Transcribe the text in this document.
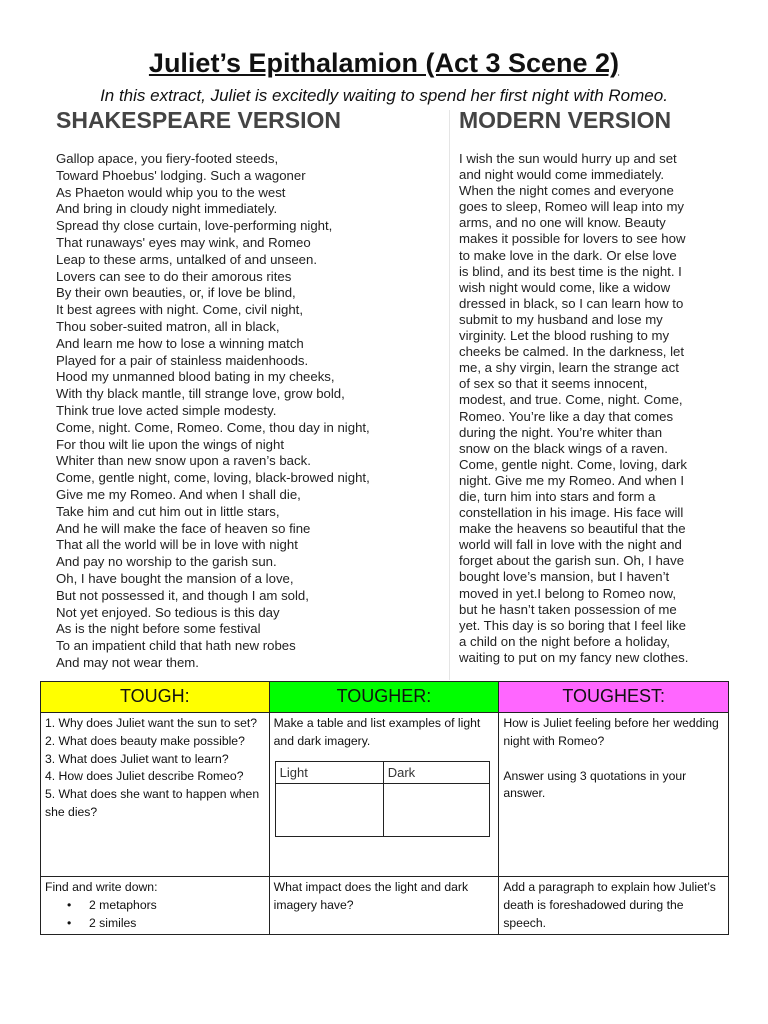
Juliet’s Epithalamion (Act 3 Scene 2)
In this extract, Juliet is excitedly waiting to spend her first night with Romeo.
SHAKESPEARE VERSION	MODERN VERSION
Gallop apace, you fiery-footed steeds,
Toward Phoebus' lodging. Such a wagoner
As Phaeton would whip you to the west
And bring in cloudy night immediately.
Spread thy close curtain, love-performing night,
That runaways' eyes may wink, and Romeo
Leap to these arms, untalked of and unseen.
Lovers can see to do their amorous rites
By their own beauties, or, if love be blind,
It best agrees with night. Come, civil night,
Thou sober-suited matron, all in black,
And learn me how to lose a winning match
Played for a pair of stainless maidenhoods.
Hood my unmanned blood bating in my cheeks,
With thy black mantle, till strange love, grow bold,
Think true love acted simple modesty.
Come, night. Come, Romeo. Come, thou day in night,
For thou wilt lie upon the wings of night
Whiter than new snow upon a raven’s back.
Come, gentle night, come, loving, black-browed night,
Give me my Romeo. And when I shall die,
Take him and cut him out in little stars,
And he will make the face of heaven so fine
That all the world will be in love with night
And pay no worship to the garish sun.
Oh, I have bought the mansion of a love,
But not possessed it, and though I am sold,
Not yet enjoyed. So tedious is this day
As is the night before some festival
To an impatient child that hath new robes
And may not wear them.
I wish the sun would hurry up and set
and night would come immediately.
When the night comes and everyone
goes to sleep, Romeo will leap into my
arms, and no one will know. Beauty
makes it possible for lovers to see how
to make love in the dark. Or else love
is blind, and its best time is the night. I
wish night would come, like a widow
dressed in black, so I can learn how to
submit to my husband and lose my
virginity. Let the blood rushing to my
cheeks be calmed. In the darkness, let
me, a shy virgin, learn the strange act
of sex so that it seems innocent,
modest, and true. Come, night. Come,
Romeo. You’re like a day that comes
during the night. You’re whiter than
snow on the black wings of a raven.
Come, gentle night. Come, loving, dark
night. Give me my Romeo. And when I
die, turn him into stars and form a
constellation in his image. His face will
make the heavens so beautiful that the
world will fall in love with the night and
forget about the garish sun. Oh, I have
bought love’s mansion, but I haven’t
moved in yet.I belong to Romeo now,
but he hasn’t taken possession of me
yet. This day is so boring that I feel like
a child on the night before a holiday,
waiting to put on my fancy new clothes.
TOUGH:	TOUGHER:	TOUGHEST:

1. Why does Juliet want the sun to set?
2. What does beauty make possible?
3. What does Juliet want to learn?
4. How does Juliet describe Romeo?
5. What does she want to happen when she dies?

Make a table and list examples of light and dark imagery.
Light	Dark

How is Juliet feeling before her wedding night with Romeo?
Answer using 3 quotations in your answer.

Find and write down:
• 2 metaphors
• 2 similes

What impact does the light and dark imagery have?

Add a paragraph to explain how Juliet’s death is foreshadowed during the speech.
